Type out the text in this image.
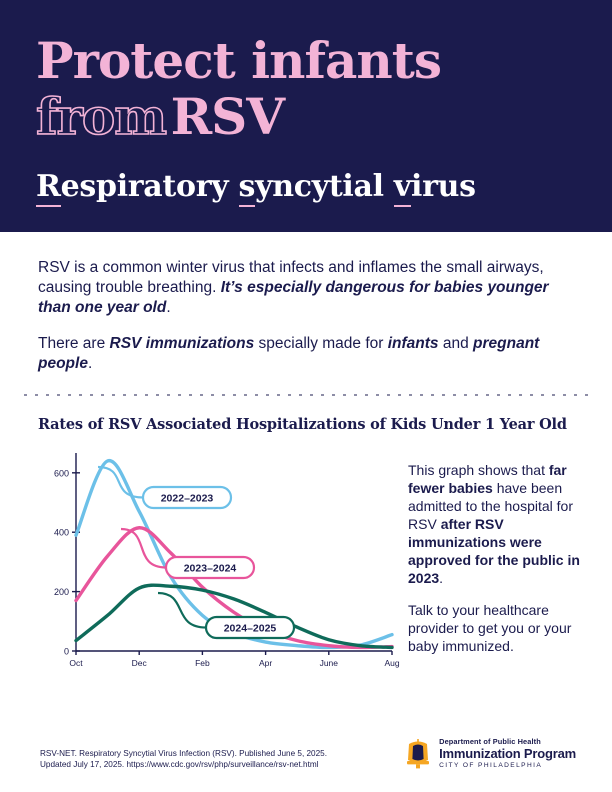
Protect infants
from RSV
Respiratory syncytial virus

RSV is a common winter virus that infects and inflames the small airways, causing trouble breathing. It’s especially dangerous for babies younger than one year old.

There are RSV immunizations specially made for infants and pregnant people.

Rates of RSV Associated Hospitalizations of Kids Under 1 Year Old
0
200
400
600
Oct	Dec	Feb	Apr	June	Aug
2022–2023
2023–2024
2024–2025

This graph shows that far fewer babies have been admitted to the hospital for RSV after RSV immunizations were approved for the public in 2023.

Talk to your healthcare provider to get you or your baby immunized.

RSV-NET. Respiratory Syncytial Virus Infection (RSV). Published June 5, 2025.
Updated July 17, 2025. https://www.cdc.gov/rsv/php/surveillance/rsv-net.html
Department of Public Health
Immunization Program
CITY OF PHILADELPHIA
